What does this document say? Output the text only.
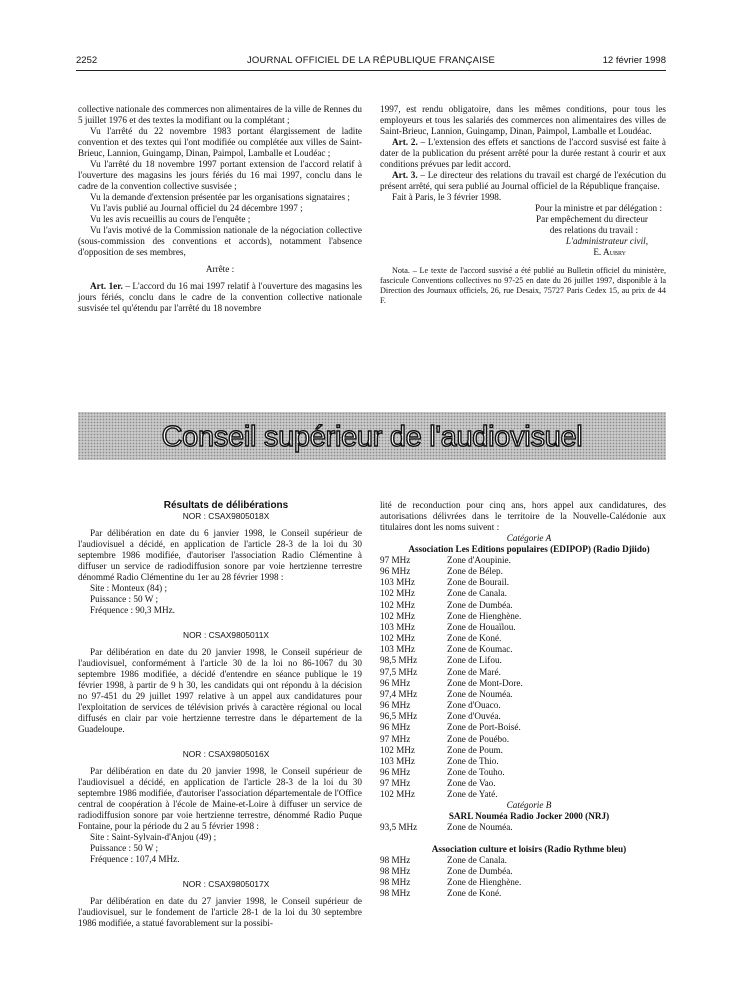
2252	JOURNAL OFFICIEL DE LA RÉPUBLIQUE FRANÇAISE	12 février 1998

collective nationale des commerces non alimentaires de la ville de Rennes du 5 juillet 1976 et des textes la modifiant ou la complétant ;

Vu l'arrêté du 22 novembre 1983 portant élargissement de ladite convention et des textes qui l'ont modifiée ou complétée aux villes de Saint-Brieuc, Lannion, Guingamp, Dinan, Paimpol, Lamballe et Loudéac ;

Vu l'arrêté du 18 novembre 1997 portant extension de l'accord relatif à l'ouverture des magasins les jours fériés du 16 mai 1997, conclu dans le cadre de la convention collective susvisée ;

Vu la demande d'extension présentée par les organisations signataires ;

Vu l'avis publié au Journal officiel du 24 décembre 1997 ;

Vu les avis recueillis au cours de l'enquête ;

Vu l'avis motivé de la Commission nationale de la négociation collective (sous-commission des conventions et accords), notamment l'absence d'opposition de ses membres,

Arrête :

Art. 1er. – L'accord du 16 mai 1997 relatif à l'ouverture des magasins les jours fériés, conclu dans le cadre de la convention collective nationale susvisée tel qu'étendu par l'arrêté du 18 novembre

1997, est rendu obligatoire, dans les mêmes conditions, pour tous les employeurs et tous les salariés des commerces non alimentaires des villes de Saint-Brieuc, Lannion, Guingamp, Dinan, Paimpol, Lamballe et Loudéac.

Art. 2. – L'extension des effets et sanctions de l'accord susvisé est faite à dater de la publication du présent arrêté pour la durée restant à courir et aux conditions prévues par ledit accord.

Art. 3. – Le directeur des relations du travail est chargé de l'exécution du présent arrêté, qui sera publié au Journal officiel de la République française.

Fait à Paris, le 3 février 1998.

Pour la ministre et par délégation :

Par empêchement du directeur

des relations du travail :

L'administrateur civil,

E. Aubry

Nota. – Le texte de l'accord susvisé a été publié au Bulletin officiel du ministère, fascicule Conventions collectives no 97-25 en date du 26 juillet 1997, disponible à la Direction des Journaux officiels, 26, rue Desaix, 75727 Paris Cedex 15, au prix de 44 F.

Conseil supérieur de l'audiovisuel

Résultats de délibérations

NOR : CSAX9805018X

Par délibération en date du 6 janvier 1998, le Conseil supérieur de l'audiovisuel a décidé, en application de l'article 28-3 de la loi du 30 septembre 1986 modifiée, d'autoriser l'association Radio Clémentine à diffuser un service de radiodiffusion sonore par voie hertzienne terrestre dénommé Radio Clémentine du 1er au 28 février 1998 :

Site : Monteux (84) ;

Puissance : 50 W ;

Fréquence : 90,3 MHz.

NOR : CSAX9805011X

Par délibération en date du 20 janvier 1998, le Conseil supérieur de l'audiovisuel, conformément à l'article 30 de la loi no 86-1067 du 30 septembre 1986 modifiée, a décidé d'entendre en séance publique le 19 février 1998, à partir de 9 h 30, les candidats qui ont répondu à la décision no 97-451 du 29 juillet 1997 relative à un appel aux candidatures pour l'exploitation de services de télévision privés à caractère régional ou local diffusés en clair par voie hertzienne terrestre dans le département de la Guadeloupe.

NOR : CSAX9805016X

Par délibération en date du 20 janvier 1998, le Conseil supérieur de l'audiovisuel a décidé, en application de l'article 28-3 de la loi du 30 septembre 1986 modifiée, d'autoriser l'association départementale de l'Office central de coopération à l'école de Maine-et-Loire à diffuser un service de radiodiffusion sonore par voie hertzienne terrestre, dénommé Radio Puque Fontaine, pour la période du 2 au 5 février 1998 :

Site : Saint-Sylvain-d'Anjou (49) ;

Puissance : 50 W ;

Fréquence : 107,4 MHz.

NOR : CSAX9805017X

Par délibération en date du 27 janvier 1998, le Conseil supérieur de l'audiovisuel, sur le fondement de l'article 28-1 de la loi du 30 septembre 1986 modifiée, a statué favorablement sur la possibi-

lité de reconduction pour cinq ans, hors appel aux candidatures, des autorisations délivrées dans le territoire de la Nouvelle-Calédonie aux titulaires dont les noms suivent :

Catégorie A

Association Les Editions populaires (EDIPOP) (Radio Djiido)

97 MHz	Zone d'Aoupinie.
96 MHz	Zone de Bélep.
103 MHz	Zone de Bourail.
102 MHz	Zone de Canala.
102 MHz	Zone de Dumbéa.
102 MHz	Zone de Hienghène.
103 MHz	Zone de Houaïlou.
102 MHz	Zone de Koné.
103 MHz	Zone de Koumac.
98,5 MHz	Zone de Lifou.
97,5 MHz	Zone de Maré.
96 MHz	Zone de Mont-Dore.
97,4 MHz	Zone de Nouméa.
96 MHz	Zone d'Ouaco.
96,5 MHz	Zone d'Ouvéa.
96 MHz	Zone de Port-Boisé.
97 MHz	Zone de Pouébo.
102 MHz	Zone de Poum.
103 MHz	Zone de Thio.
96 MHz	Zone de Touho.
97 MHz	Zone de Vao.
102 MHz	Zone de Yaté.

Catégorie B

SARL Nouméa Radio Jocker 2000 (NRJ)

93,5 MHz	Zone de Nouméa.

Association culture et loisirs (Radio Rythme bleu)

98 MHz	Zone de Canala.
98 MHz	Zone de Dumbéa.
98 MHz	Zone de Hienghène.
98 MHz	Zone de Koné.
